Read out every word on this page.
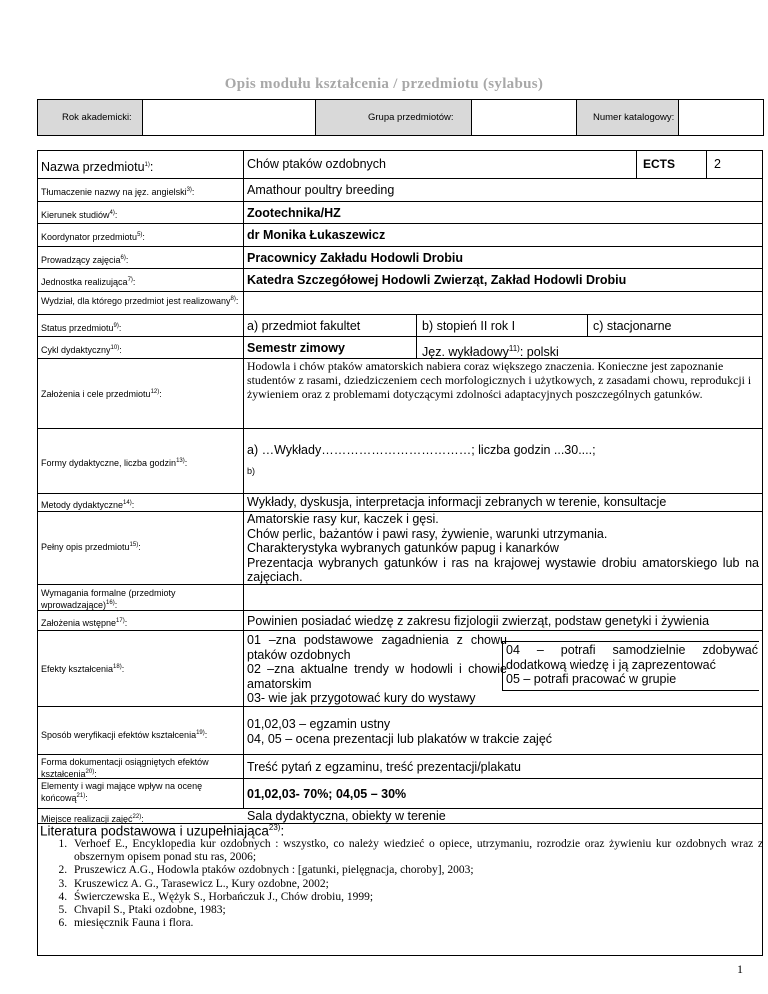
Opis modułu kształcenia / przedmiotu (sylabus)
Rok akademicki:	Grupa przedmiotów:	Numer katalogowy:
Nazwa przedmiotu$^{1)}$:	Chów ptaków ozdobnych	ECTS	2
Tłumaczenie nazwy na jęz. angielski$^{3)}$:	Amathour poultry breeding
Kierunek studiów$^{4)}$:	Zootechnika/HZ
Koordynator przedmiotu$^{5)}$:	dr Monika Łukaszewicz
Prowadzący zajęcia$^{6)}$:	Pracownicy Zakładu Hodowli Drobiu
Jednostka realizująca$^{7)}$:	Katedra Szczegółowej Hodowli Zwierząt, Zakład Hodowli Drobiu
Wydział, dla którego przedmiot jest realizowany$^{8)}$:
Status przedmiotu$^{9)}$:	a) przedmiot fakultet	b) stopień II rok I	c) stacjonarne
Cykl dydaktyczny$^{10)}$:	Semestr zimowy	Jęz. wykładowy$^{11)}$: polski
Założenia i cele przedmiotu$^{12)}$:
Hodowla i chów ptaków amatorskich nabiera coraz większego znaczenia. Konieczne jest zapoznanie studentów z rasami, dziedziczeniem cech morfologicznych i użytkowych, z zasadami chowu, reprodukcji i żywieniem oraz z problemami dotyczącymi zdolności adaptacyjnych poszczególnych gatunków.
Formy dydaktyczne, liczba godzin$^{13)}$:
a) …Wykłady………………………………; liczba godzin ...30....;
b)
Metody dydaktyczne$^{14)}$:	Wykłady, dyskusja, interpretacja informacji zebranych w terenie, konsultacje
Pełny opis przedmiotu$^{15)}$:
Amatorskie rasy kur, kaczek i gęsi.
Chów perlic, bażantów i pawi rasy, żywienie, warunki utrzymania.
Charakterystyka wybranych gatunków papug i kanarków
Prezentacja wybranych gatunków i ras na krajowej wystawie drobiu amatorskiego lub na zajęciach.
Wymagania formalne (przedmioty wprowadzające)$^{16)}$:
Założenia wstępne$^{17)}$:	Powinien posiadać wiedzę z zakresu fizjologii zwierząt, podstaw genetyki i żywienia
Efekty kształcenia$^{18)}$:
01 –zna podstawowe zagadnienia z chowu ptaków ozdobnych
02 –zna aktualne trendy w hodowli i chowie amatorskim
03- wie jak przygotować kury do wystawy
04 – potrafi samodzielnie zdobywać dodatkową wiedzę i ją zaprezentować
05 – potrafi pracować w grupie
Sposób weryfikacji efektów kształcenia$^{19)}$:
01,02,03 – egzamin ustny
04, 05 – ocena prezentacji lub plakatów w trakcie zajęć
Forma dokumentacji osiągniętych efektów kształcenia$^{20)}$:	Treść pytań z egzaminu, treść prezentacji/plakatu
Elementy i wagi mające wpływ na ocenę końcową$^{21)}$:	01,02,03- 70%; 04,05 – 30%
Miejsce realizacji zajęć$^{22)}$:	Sala dydaktyczna, obiekty w terenie
Literatura podstawowa i uzupełniająca$^{23)}$:
1. Verhoef E., Encyklopedia kur ozdobnych : wszystko, co należy wiedzieć o opiece, utrzymaniu, rozrodzie oraz żywieniu kur ozdobnych wraz z obszernym opisem ponad stu ras, 2006;
2. Pruszewicz A.G., Hodowla ptaków ozdobnych : [gatunki, pielęgnacja, choroby], 2003;
3. Kruszewicz A. G., Tarasewicz L., Kury ozdobne, 2002;
4. Świerczewska E., Wężyk S., Horbańczuk J., Chów drobiu, 1999;
5. Chvapil S., Ptaki ozdobne, 1983;
6. miesięcznik Fauna i flora.
1
